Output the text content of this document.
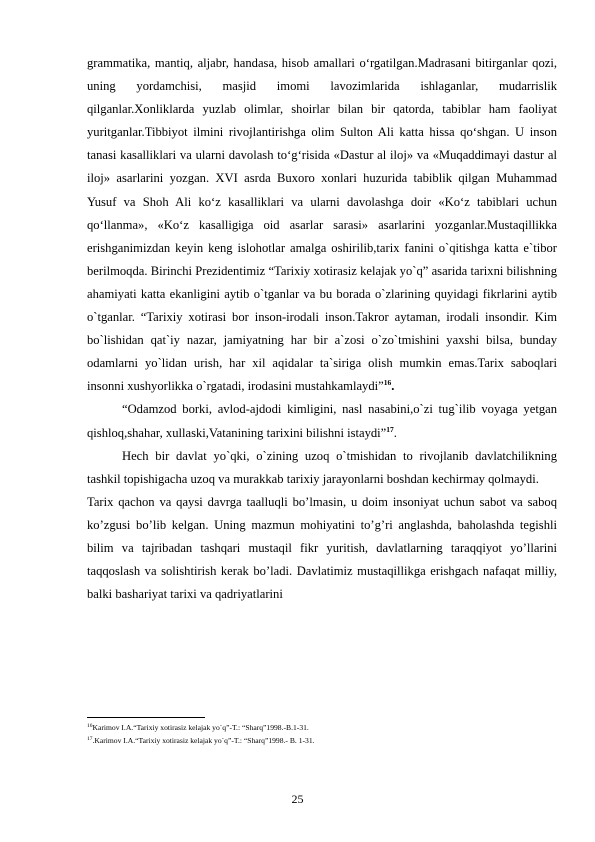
grammatika, mantiq, aljabr, handasa, hisob amallari o‘rgatilgan.Madrasani bitirganlar qozi, uning yordamchisi, masjid imomi lavozimlarida ishlaganlar, mudarrislik qilganlar.Xonliklarda yuzlab olimlar, shoirlar bilan bir qatorda, tabiblar ham faoliyat yuritganlar.Tibbiyot ilmini rivojlantirishga olim Sulton Ali katta hissa qo‘shgan. U inson tanasi kasalliklari va ularni davolash to‘g‘risida «Dastur al iloj» va «Muqaddimayi dastur al iloj» asarlarini yozgan. XVI asrda Buxoro xonlari huzurida tabiblik qilgan Muhammad Yusuf va Shoh Ali ko‘z kasalliklari va ularni davolashga doir «Ko‘z tabiblari uchun qo‘llanma», «Ko‘z kasalligiga oid asarlar sarasi» asarlarini yozganlar.Mustaqillikka erishganimizdan keyin keng islohotlar amalga oshirilib,tarix fanini o`qitishga katta e`tibor berilmoqda. Birinchi Prezidentimiz “Tarixiy xotirasiz kelajak yo`q” asarida tarixni bilishning ahamiyati katta ekanligini aytib o`tganlar va bu borada o`zlarining quyidagi fikrlarini aytib o`tganlar. “Tarixiy xotirasi bor inson-irodali inson.Takror aytaman, irodali insondir. Kim bo`lishidan qat`iy nazar, jamiyatning har bir a`zosi o`zo`tmishini yaxshi bilsa, bunday odamlarni yo`lidan urish, har xil aqidalar ta`siriga olish mumkin emas.Tarix saboqlari insonni xushyorlikka o`rgatadi, irodasini mustahkamlaydi”$^{16}$.

“Odamzod borki, avlod-ajdodi kimligini, nasl nasabini,o`zi tug`ilib voyaga yetgan qishloq,shahar, xullaski,Vatanining tarixini bilishni istaydi”$^{17}$.

Hech bir davlat yo`qki, o`zining uzoq o`tmishidan to rivojlanib davlatchilikning tashkil topishigacha uzoq va murakkab tarixiy jarayonlarni boshdan kechirmay qolmaydi.

Tarix qachon va qaysi davrga taalluqli bo’lmasin, u doim insoniyat uchun sabot va saboq ko’zgusi bo’lib kelgan. Uning mazmun mohiyatini to’g’ri anglashda, baholashda tegishli bilim va tajribadan tashqari mustaqil fikr yuritish, davlatlarning taraqqiyot yo’llarini taqqoslash va solishtirish kerak bo’ladi. Davlatimiz mustaqillikga erishgach nafaqat milliy, balki bashariyat tarixi va qadriyatlarini

$^{16}$Karimov I.A.“Tarixiy xotirasiz kelajak yo`q”-T.: “Sharq”1998.-B.1-31.
$^{17}$.Karimov I.A.“Tarixiy xotirasiz kelajak yo`q”-T.: “Sharq”1998.- B. 1-31.
25
